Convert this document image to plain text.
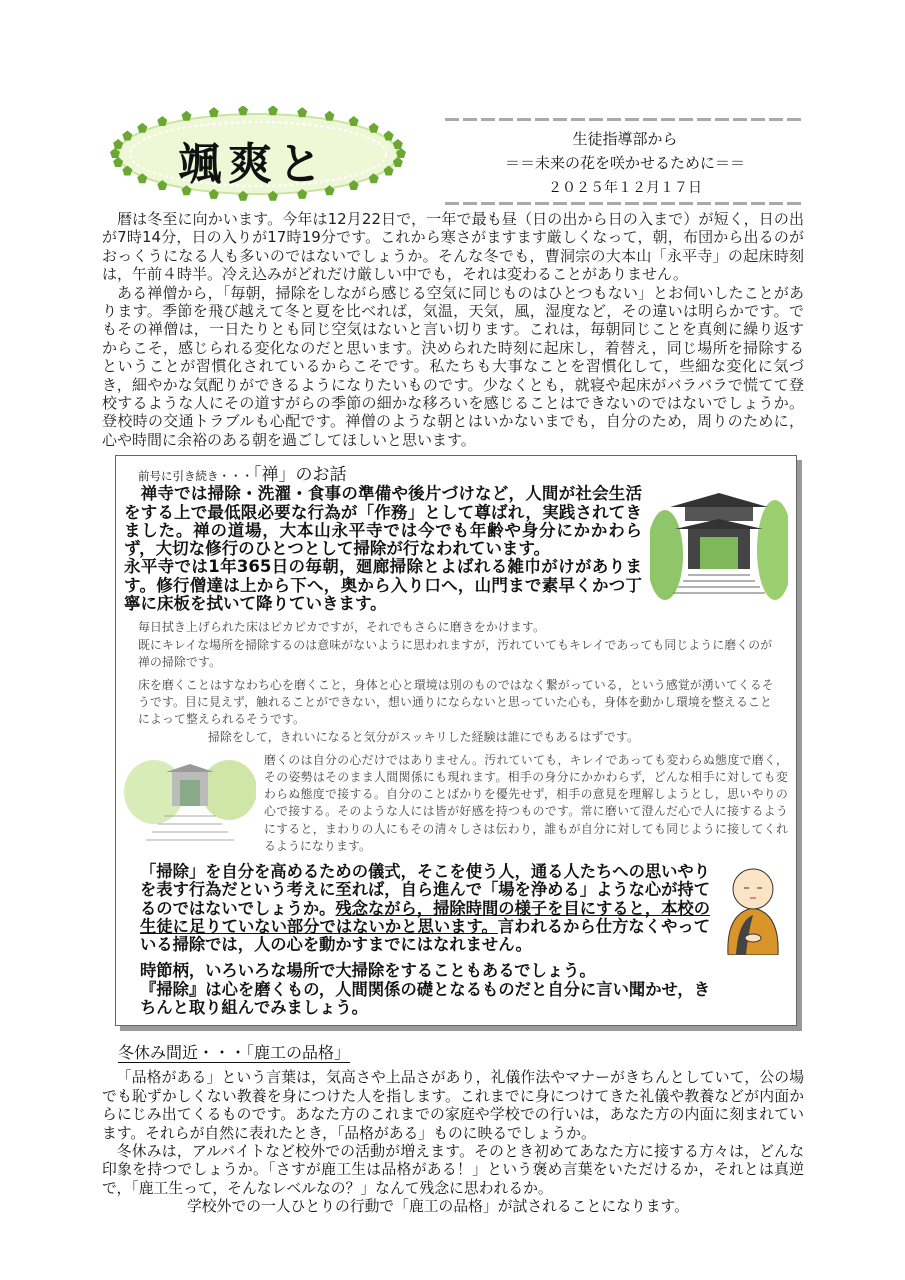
颯爽と	生徒指導部から
＝＝未来の花を咲かせるために＝＝
２０２５年１２月１７日

暦は冬至に向かいます。今年は12月22日で，一年で最も昼（日の出から日の入まで）が短く，日の出が7時14分，日の入りが17時19分です。これから寒さがますます厳しくなって，朝，布団から出るのがおっくうになる人も多いのではないでしょうか。そんな冬でも，曹洞宗の大本山「永平寺」の起床時刻は，午前４時半。冷え込みがどれだけ厳しい中でも，それは変わることがありません。

ある禅僧から，「毎朝，掃除をしながら感じる空気に同じものはひとつもない」とお伺いしたことがあります。季節を飛び越えて冬と夏を比べれば，気温，天気，風，湿度など，その違いは明らかです。でもその禅僧は，一日たりとも同じ空気はないと言い切ります。これは，毎朝同じことを真剣に繰り返すからこそ，感じられる変化なのだと思います。決められた時刻に起床し，着替え，同じ場所を掃除するということが習慣化されているからこそです。私たちも大事なことを習慣化して，些細な変化に気づき，細やかな気配りができるようになりたいものです。少なくとも，就寝や起床がバラバラで慌てて登校するような人にその道すがらの季節の細かな移ろいを感じることはできないのではないでしょうか。登校時の交通トラブルも心配です。禅僧のような朝とはいかないまでも，自分のため，周りのために，心や時間に余裕のある朝を過ごしてほしいと思います。

前号に引き続き・・・「禅」のお話

　禅寺では掃除・洗濯・食事の準備や後片づけなど，人間が社会生活をする上で最低限必要な行為が「作務」として尊ばれ，実践されてきました。禅の道場，大本山永平寺では今でも年齢や身分にかかわらず，大切な修行のひとつとして掃除が行なわれています。

永平寺では1年365日の毎朝，廻廊掃除とよばれる雑巾がけがあります。修行僧達は上から下へ，奥から入り口へ，山門まで素早くかつ丁寧に床板を拭いて降りていきます。

毎日拭き上げられた床はピカピカですが，それでもさらに磨きをかけます。
既にキレイな場所を掃除するのは意味がないように思われますが，汚れていてもキレイであっても同じように磨くのが禅の掃除です。

床を磨くことはすなわち心を磨くこと，身体と心と環境は別のものではなく繋がっている，という感覚が湧いてくるそうです。目に見えず，触れることができない，想い通りにならないと思っていた心も，身体を動かし環境を整えることによって整えられるそうです。

掃除をして，きれいになると気分がスッキリした経験は誰にでもあるはずです。

磨くのは自分の心だけではありません。汚れていても，キレイであっても変わらぬ態度で磨く，その姿勢はそのまま人間関係にも現れます。相手の身分にかかわらず，どんな相手に対しても変わらぬ態度で接する。自分のことばかりを優先せず，相手の意見を理解しようとし，思いやりの心で接する。そのような人には皆が好感を持つものです。常に磨いて澄んだ心で人に接するようにすると，まわりの人にもその清々しさは伝わり，誰もが自分に対しても同じように接してくれるようになります。

「掃除」を自分を高めるための儀式，そこを使う人，通る人たちへの思いやりを表す行為だという考えに至れば，自ら進んで「場を浄める」ような心が持てるのではないでしょうか。残念ながら，掃除時間の様子を目にすると，本校の生徒に足りていない部分ではないかと思います。言われるから仕方なくやっている掃除では，人の心を動かすまでにはなれません。

時節柄，いろいろな場所で大掃除をすることもあるでしょう。
『掃除』は心を磨くもの，人間関係の礎となるものだと自分に言い聞かせ，きちんと取り組んでみましょう。

冬休み間近・・・「鹿工の品格」

「品格がある」という言葉は，気高さや上品さがあり，礼儀作法やマナーがきちんとしていて，公の場でも恥ずかしくない教養を身につけた人を指します。これまでに身につけてきた礼儀や教養などが内面からにじみ出てくるものです。あなた方のこれまでの家庭や学校での行いは，あなた方の内面に刻まれています。それらが自然に表れたとき，「品格がある」ものに映るでしょうか。

冬休みは，アルバイトなど校外での活動が増えます。そのとき初めてあなた方に接する方々は，どんな印象を持つでしょうか。「さすが鹿工生は品格がある！」という褒め言葉をいただけるか，それとは真逆で，「鹿工生って，そんなレベルなの？」なんて残念に思われるか。

学校外での一人ひとりの行動で「鹿工の品格」が試されることになります。
